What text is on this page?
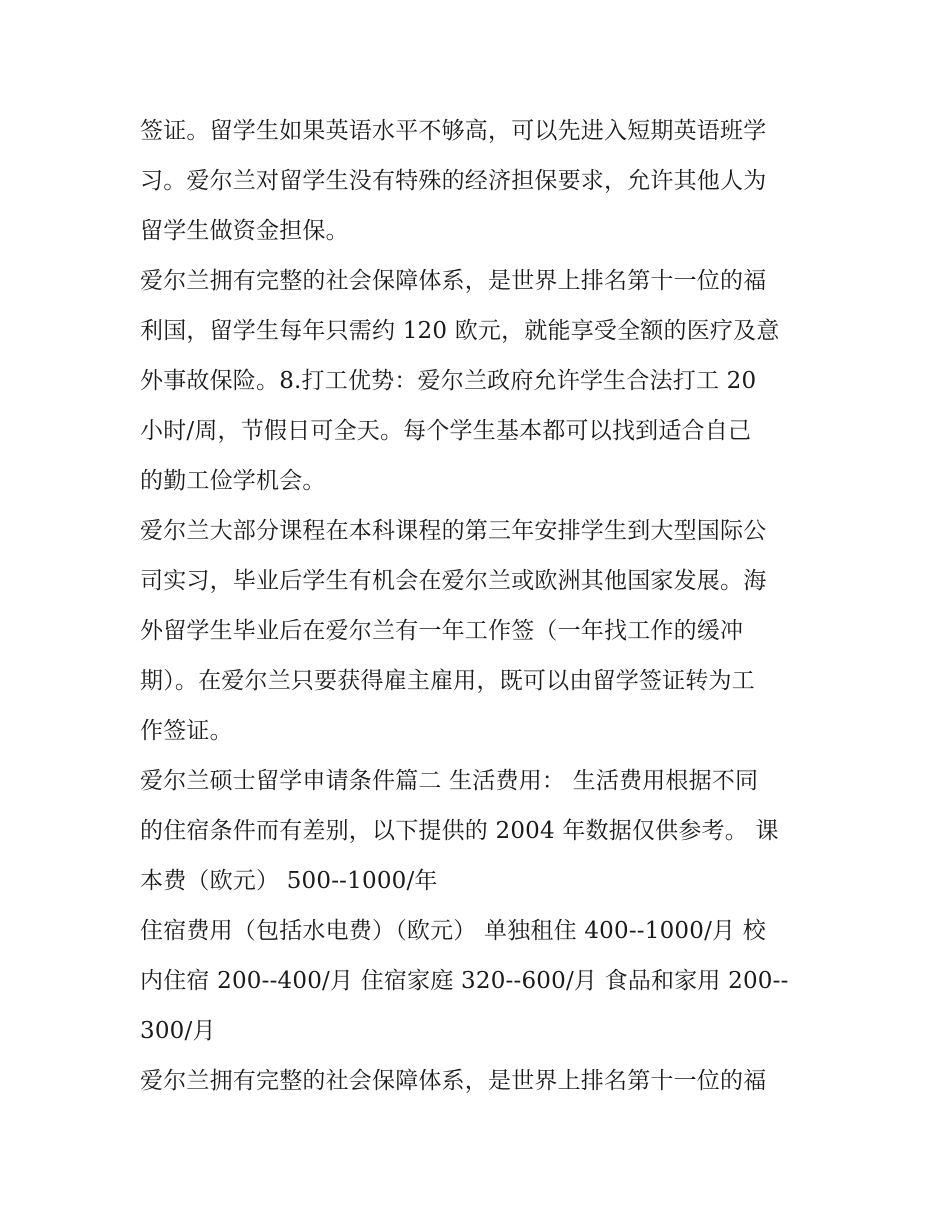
签证。留学生如果英语水平不够高，可以先进入短期英语班学
习。爱尔兰对留学生没有特殊的经济担保要求，允许其他人为
留学生做资金担保。

爱尔兰拥有完整的社会保障体系，是世界上排名第十一位的福
利国，留学生每年只需约 120 欧元，就能享受全额的医疗及意
外事故保险。8.打工优势：爱尔兰政府允许学生合法打工 20
小时/周，节假日可全天。每个学生基本都可以找到适合自己
的勤工俭学机会。

爱尔兰大部分课程在本科课程的第三年安排学生到大型国际公
司实习，毕业后学生有机会在爱尔兰或欧洲其他国家发展。海
外留学生毕业后在爱尔兰有一年工作签（一年找工作的缓冲
期）。在爱尔兰只要获得雇主雇用，既可以由留学签证转为工
作签证。

爱尔兰硕士留学申请条件篇二 生活费用： 生活费用根据不同
的住宿条件而有差别，以下提供的 2004 年数据仅供参考。 课
本费（欧元） 500--1000/年

住宿费用（包括水电费）（欧元） 单独租住 400--1000/月 校
内住宿 200--400/月 住宿家庭 320--600/月 食品和家用 200--
300/月

爱尔兰拥有完整的社会保障体系，是世界上排名第十一位的福
